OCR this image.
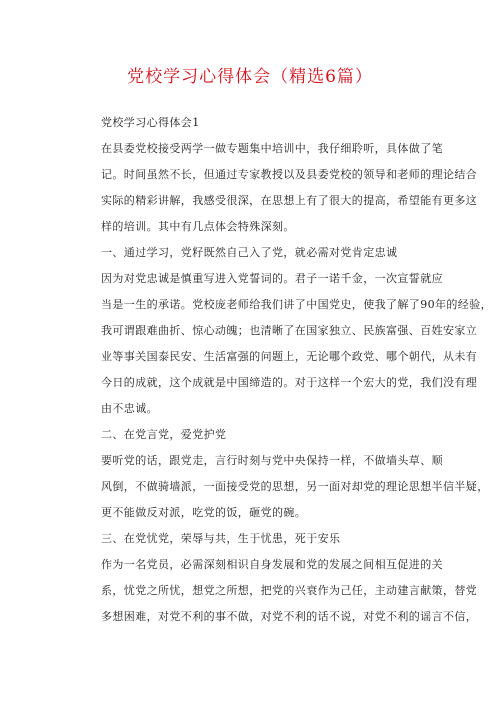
党校学习心得体会（精选6篇）

党校学习心得体会1

在县委党校接受两学一做专题集中培训中，我仔细聆听，具体做了笔
记。时间虽然不长，但通过专家教授以及县委党校的领导和老师的理论结合
实际的精彩讲解，我感受很深，在思想上有了很大的提高，希望能有更多这
样的培训。其中有几点体会特殊深刻。

一、通过学习，党籽既然自己入了党，就必需对党肯定忠诚

因为对党忠诚是慎重写进入党誓词的。君子一诺千金，一次宣誓就应
当是一生的承诺。党校庞老师给我们讲了中国党史，使我了解了90年的经验，
我可谓跟难曲折、惊心动魄；也清晰了在国家独立、民族富强、百姓安家立
业等事关国泰民安、生活富强的问题上，无论哪个政党、哪个朝代，从未有
今日的成就，这个成就是中国缔造的。对于这样一个宏大的党，我们没有理
由不忠诚。

二、在党言党，爱党护党

要听党的话，跟党走，言行时刻与党中央保持一样，不做墙头草、顺
风倒，不做骑墙派，一面接受党的思想，另一面对却党的理论思想半信半疑，
更不能做反对派，吃党的饭，砸党的碗。

三、在党忧党，荣辱与共，生于忧患，死于安乐

作为一名党员，必需深刻相识自身发展和党的发展之间相互促进的关
系，忧党之所忧，想党之所想，把党的兴衰作为己任，主动建言献策，替党
多想困难，对党不利的事不做，对党不利的话不说，对党不利的谣言不信，
